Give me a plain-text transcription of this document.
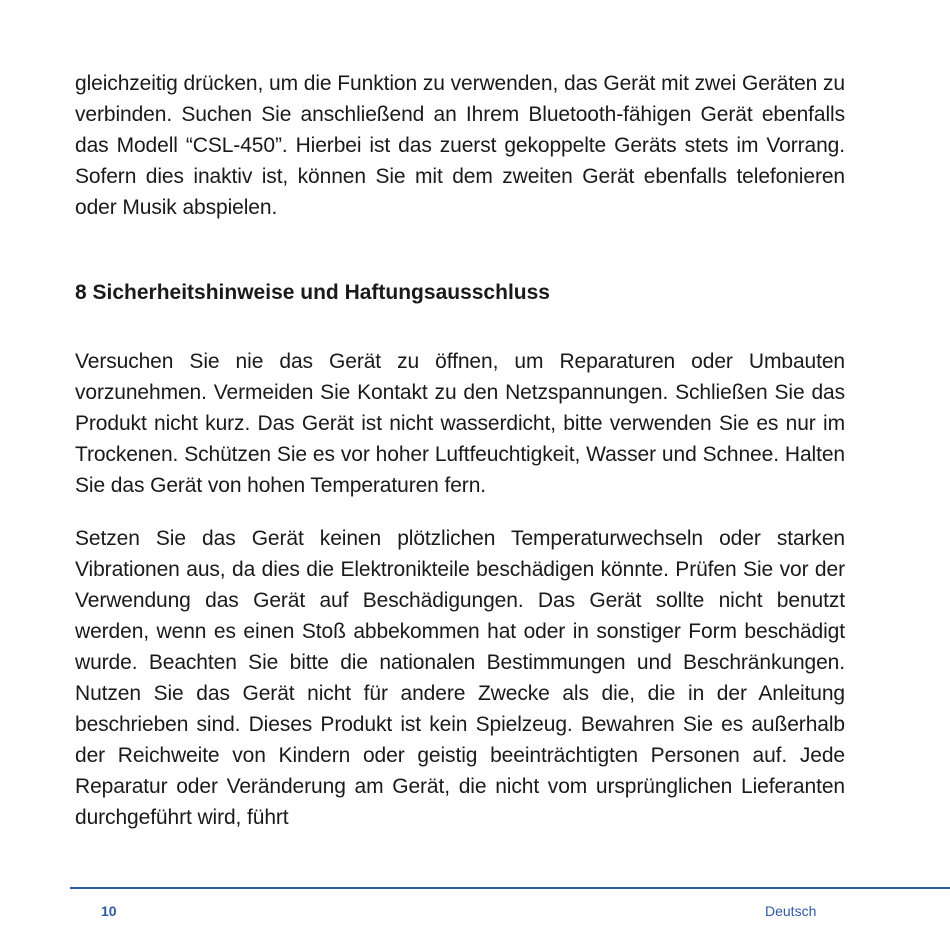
gleichzeitig drücken, um die Funktion zu verwenden, das Gerät mit zwei Geräten zu verbinden. Suchen Sie anschließend an Ihrem Bluetooth-fähigen Gerät ebenfalls das Modell “CSL-450”. Hierbei ist das zuerst gekoppelte Geräts stets im Vorrang. Sofern dies inaktiv ist, können Sie mit dem zweiten Gerät ebenfalls telefonieren oder Musik abspielen.

8 Sicherheitshinweise und Haftungsausschluss

Versuchen Sie nie das Gerät zu öffnen, um Reparaturen oder Umbauten vorzunehmen. Vermeiden Sie Kontakt zu den Netzspannungen. Schließen Sie das Produkt nicht kurz. Das Gerät ist nicht wasserdicht, bitte verwenden Sie es nur im Trockenen. Schützen Sie es vor hoher Luftfeuchtigkeit, Wasser und Schnee. Halten Sie das Gerät von hohen Temperaturen fern.

Setzen Sie das Gerät keinen plötzlichen Temperaturwechseln oder starken Vibrationen aus, da dies die Elektronikteile beschädigen könnte. Prüfen Sie vor der Verwendung das Gerät auf Beschädigungen. Das Gerät sollte nicht benutzt werden, wenn es einen Stoß abbekommen hat oder in sonstiger Form beschädigt wurde. Beachten Sie bitte die nationalen Bestimmungen und Beschränkungen. Nutzen Sie das Gerät nicht für andere Zwecke als die, die in der Anleitung beschrieben sind. Dieses Produkt ist kein Spielzeug. Bewahren Sie es außerhalb der Reichweite von Kindern oder geistig beeinträchtigten Personen auf. Jede Reparatur oder Veränderung am Gerät, die nicht vom ursprünglichen Lieferanten durchgeführt wird, führt

10	Deutsch
